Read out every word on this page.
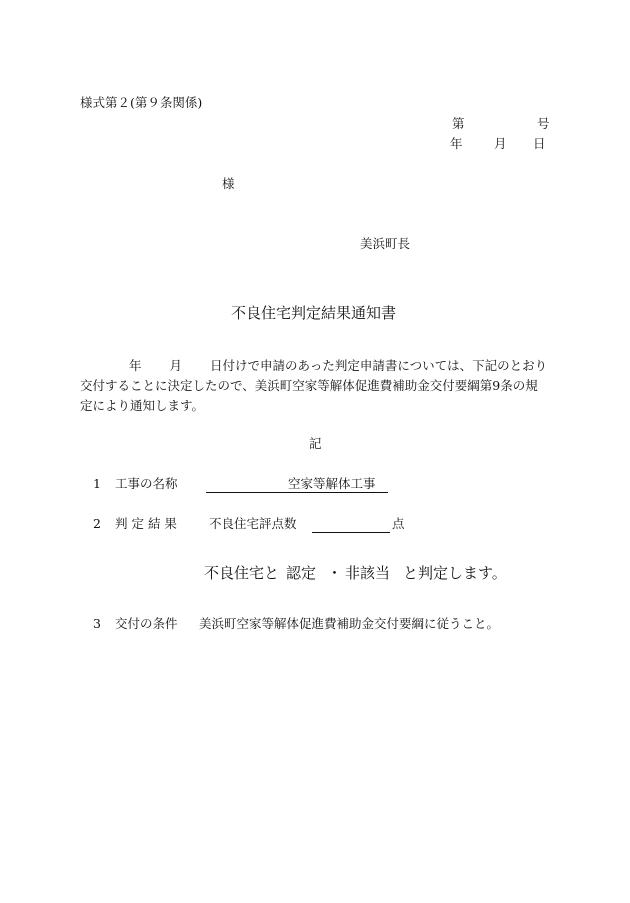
様式第２(第９条関係)
第	号
年	月 日
様
美浜町長
不良住宅判定結果通知書
年 月 日付けで申請のあった判定申請書については、下記のとおり
交付することに決定したので、美浜町空家等解体促進費補助金交付要綱第9条の規
定により通知します。
記
1 工事の名称	空家等解体工事
2 判 定 結 果	不良住宅評点数	点
不良住宅と 認定 ・ 非該当 と判定します。
3 交付の条件 美浜町空家等解体促進費補助金交付要綱に従うこと。
